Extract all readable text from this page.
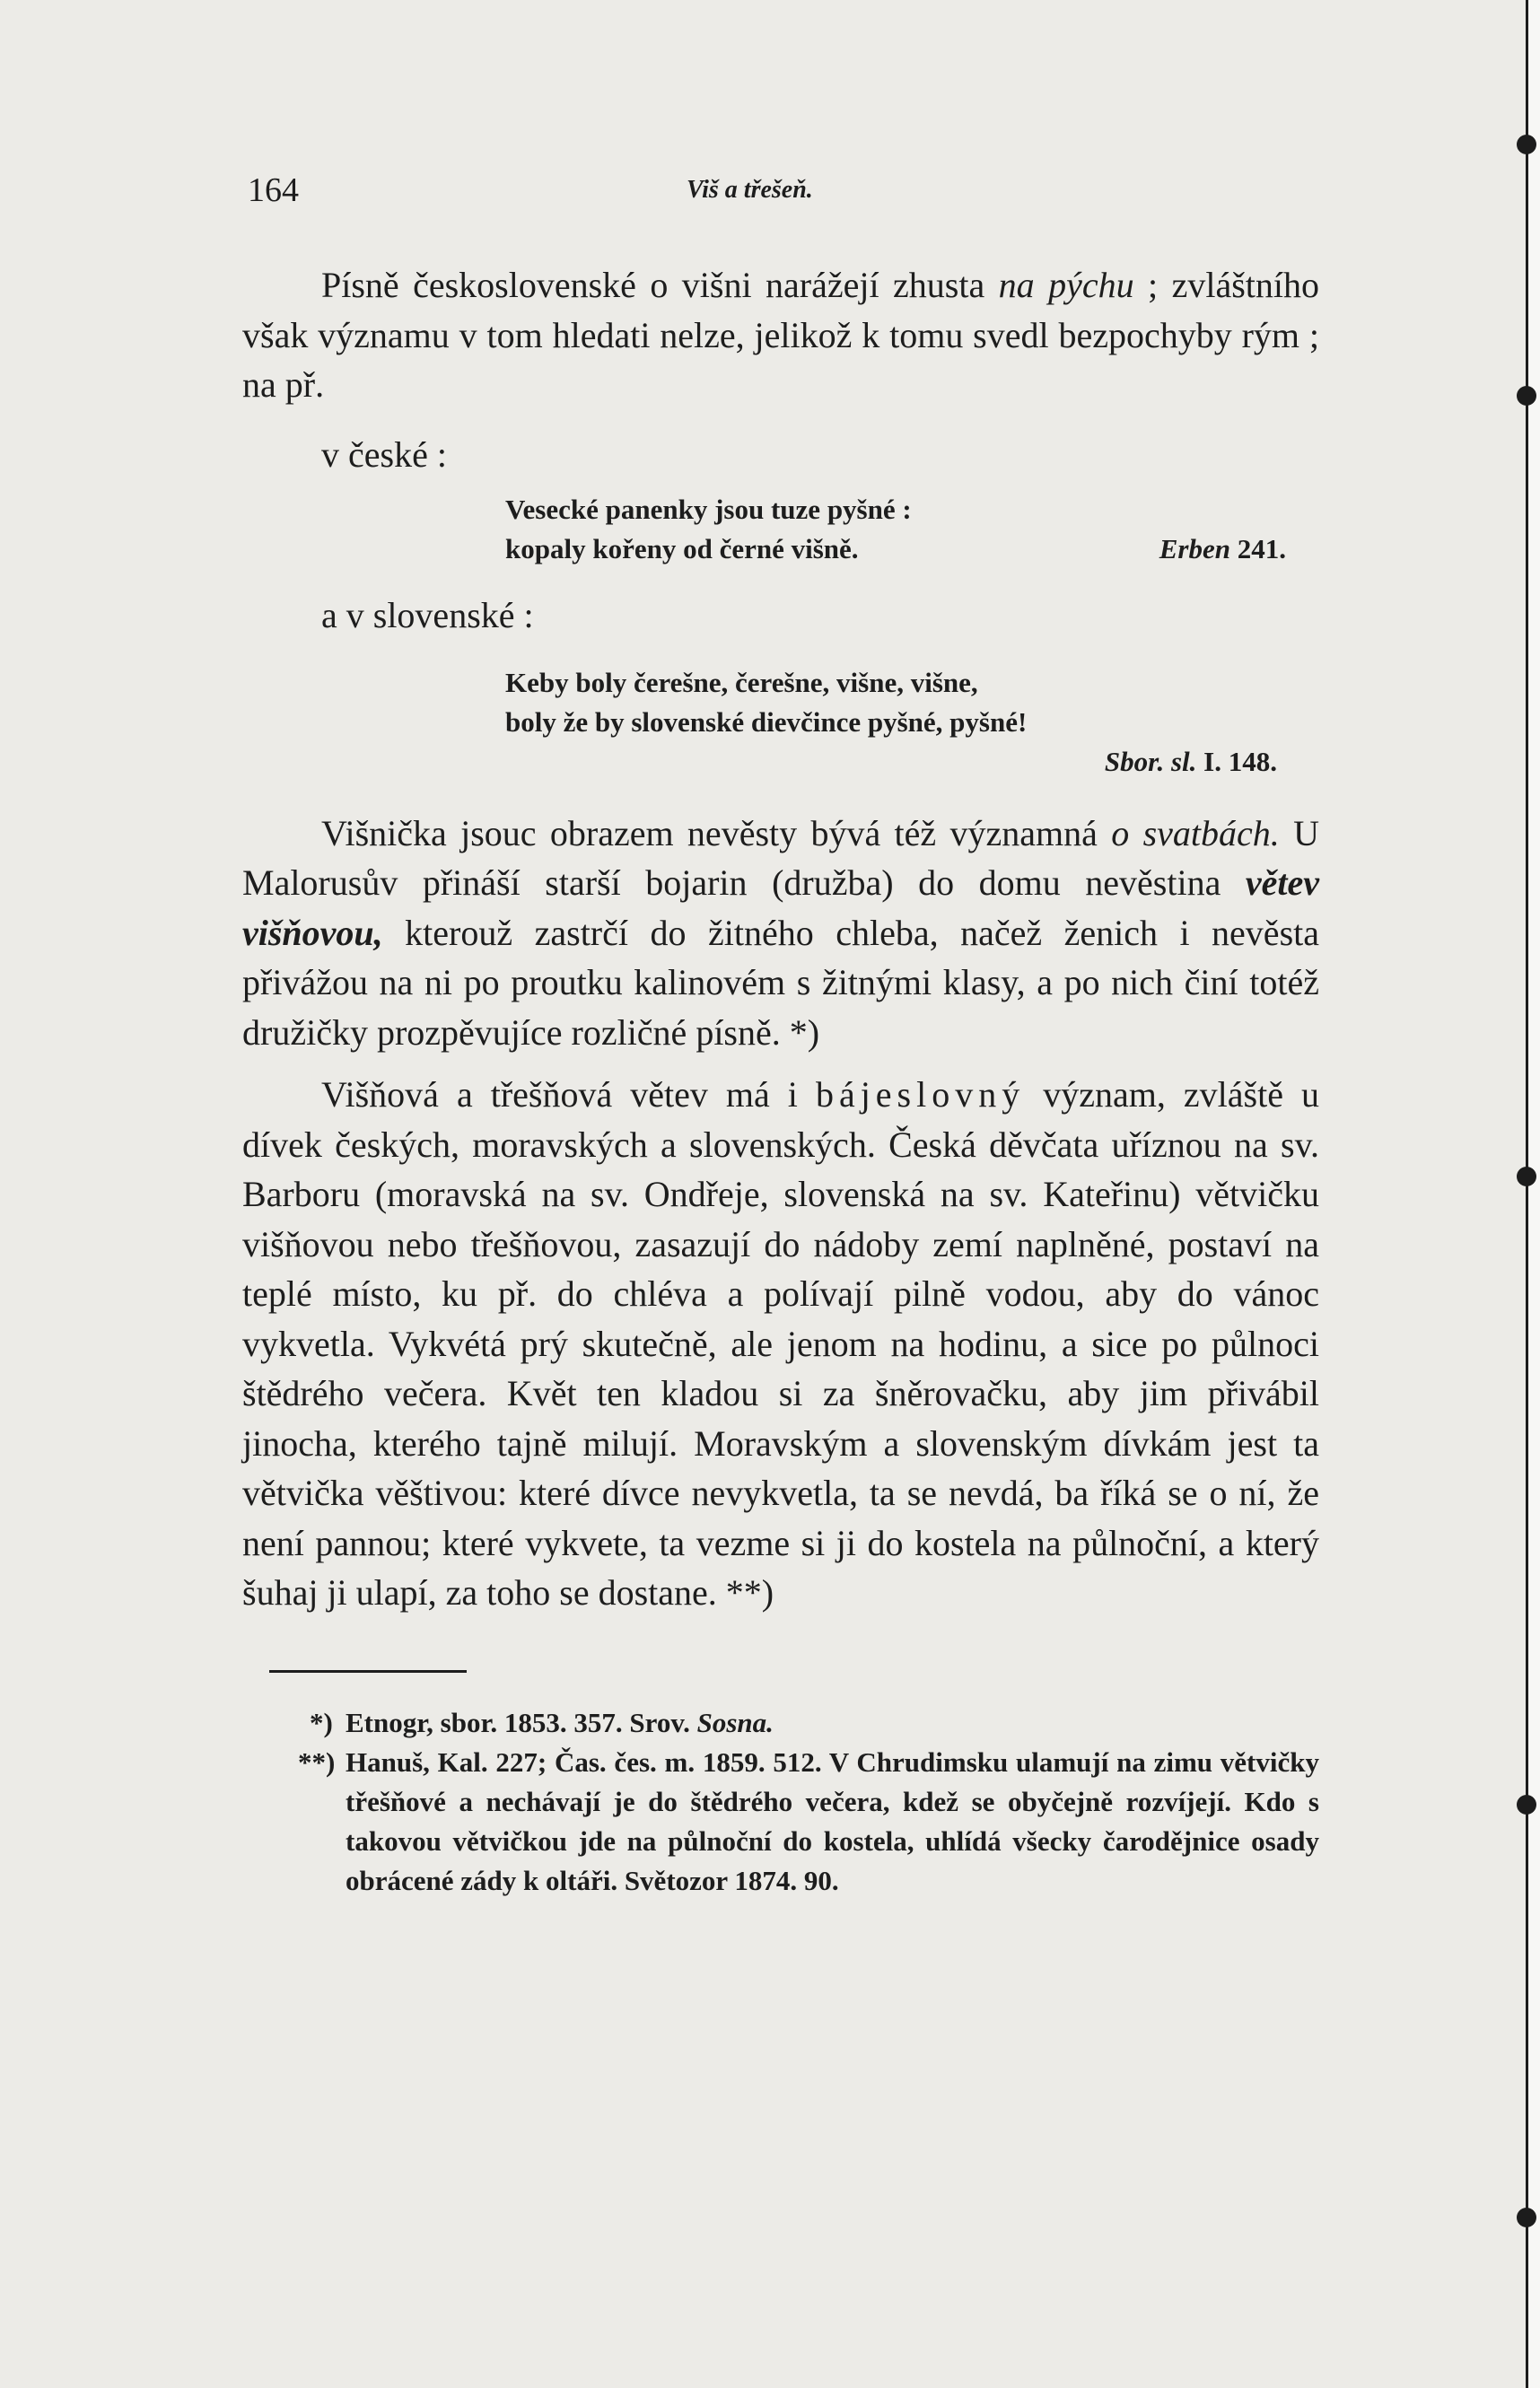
164	Viš a třešeň.

Písně československé o višni narážejí zhusta na pýchu ; zvláštního však významu v tom hledati nelze, jelikož k tomu svedl bezpochyby rým ; na př.

v české :

Vesecké panenky jsou tuze pyšné :
kopaly kořeny od černé višně.	Erben 241.

a v slovenské :

Keby boly čerešne, čerešne, višne, višne,
boly že by slovenské dievčince pyšné, pyšné!
Sbor. sl. I. 148.

Višnička jsouc obrazem nevěsty bývá též významná o svatbách. U Malorusův přináší starší bojarin (družba) do domu nevěstina větev višňovou, kterouž zastrčí do žitného chleba, načež ženich i nevěsta přivážou na ni po proutku kalinovém s žitnými klasy, a po nich činí totéž družičky prozpěvujíce rozličné písně. *)

Višňová a třešňová větev má i bájeslovný význam, zvláště u dívek českých, moravských a slovenských. Česká děvčata uříznou na sv. Barboru (moravská na sv. Ondřeje, slovenská na sv. Kateřinu) větvičku višňovou nebo třešňovou, zasazují do nádoby zemí naplněné, postaví na teplé místo, ku př. do chléva a polívají pilně vodou, aby do vánoc vykvetla. Vykvétá prý skutečně, ale jenom na hodinu, a sice po půlnoci štědrého večera. Květ ten kladou si za šněrovačku, aby jim přivábil jinocha, kterého tajně milují. Moravským a slovenským dívkám jest ta větvička věštivou: které dívce nevykvetla, ta se nevdá, ba říká se o ní, že není pannou; které vykvete, ta vezme si ji do kostela na půlnoční, a který šuhaj ji ulapí, za toho se dostane. **)

*) Etnogr, sbor. 1853. 357. Srov. Sosna.
**) Hanuš, Kal. 227; Čas. čes. m. 1859. 512. V Chrudimsku ulamují na zimu větvičky třešňové a nechávají je do štědrého večera, kdež se obyčejně rozvíjejí. Kdo s takovou větvičkou jde na půlnoční do kostela, uhlídá všecky čarodějnice osady obrácené zády k oltáři. Světozor 1874. 90.
